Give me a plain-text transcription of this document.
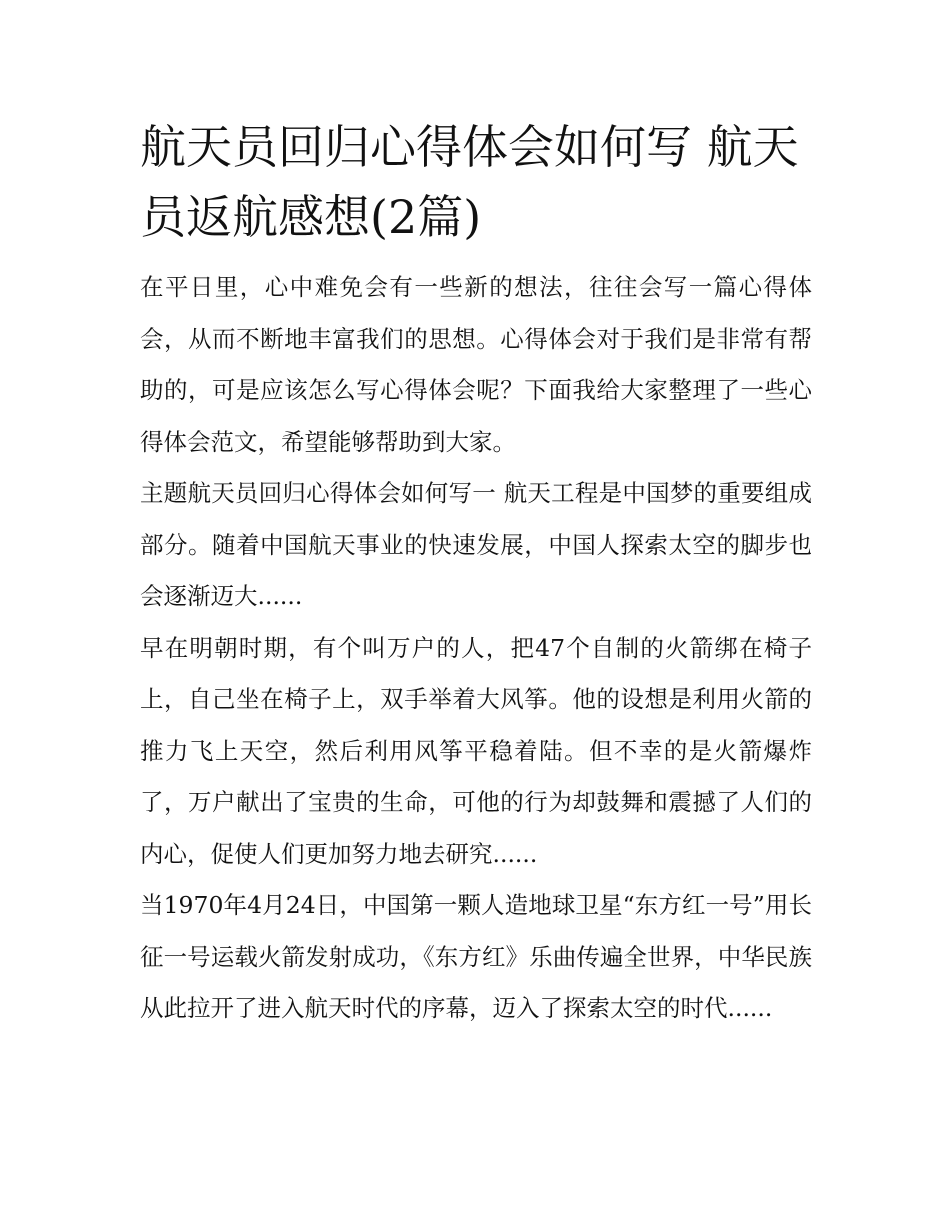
航天员回归心得体会如何写 航天员返航感想(2篇)

在平日里，心中难免会有一些新的想法，往往会写一篇心得体会，从而不断地丰富我们的思想。心得体会对于我们是非常有帮助的，可是应该怎么写心得体会呢？下面我给大家整理了一些心得体会范文，希望能够帮助到大家。

主题航天员回归心得体会如何写一 航天工程是中国梦的重要组成部分。随着中国航天事业的快速发展，中国人探索太空的脚步也会逐渐迈大......

早在明朝时期，有个叫万户的人，把47个自制的火箭绑在椅子上，自己坐在椅子上，双手举着大风筝。他的设想是利用火箭的推力飞上天空，然后利用风筝平稳着陆。但不幸的是火箭爆炸了，万户献出了宝贵的生命，可他的行为却鼓舞和震撼了人们的内心，促使人们更加努力地去研究......

当1970年4月24日，中国第一颗人造地球卫星“东方红一号”用长征一号运载火箭发射成功，《东方红》乐曲传遍全世界，中华民族从此拉开了进入航天时代的序幕，迈入了探索太空的时代......
